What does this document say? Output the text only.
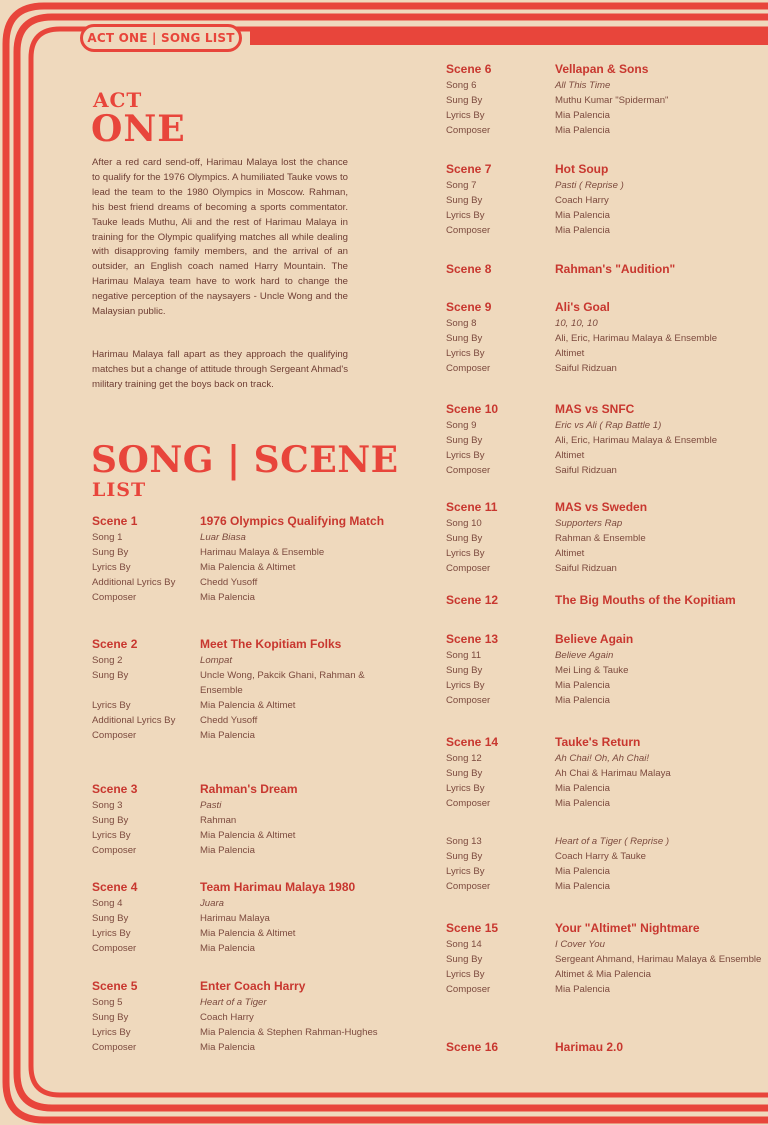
ACT ONE | SONG LIST
ACT
ONE

After a red card send-off, Harimau Malaya lost the chance to qualify for the 1976 Olympics. A humiliated Tauke vows to lead the team to the 1980 Olympics in Moscow. Rahman, his best friend dreams of becoming a sports commentator. Tauke leads Muthu, Ali and the rest of Harimau Malaya in training for the Olympic qualifying matches all while dealing with disapproving family members, and the arrival of an outsider, an English coach named Harry Mountain. The Harimau Malaya team have to work hard to change the negative perception of the naysayers - Uncle Wong and the Malaysian public.

Harimau Malaya fall apart as they approach the qualifying matches but a change of attitude through Sergeant Ahmad's military training get the boys back on track.

SONG | SCENE
LIST
Scene 1	1976 Olympics Qualifying Match
Song 1	Luar Biasa
Sung By	Harimau Malaya & Ensemble
Lyrics By	Mia Palencia & Altimet
Additional Lyrics By	Chedd Yusoff
Composer	Mia Palencia
Scene 2	Meet The Kopitiam Folks
Song 2	Lompat
Sung By	Uncle Wong, Pakcik Ghani, Rahman & Ensemble
Lyrics By	Mia Palencia & Altimet
Additional Lyrics By	Chedd Yusoff
Composer	Mia Palencia
Scene 3	Rahman's Dream
Song 3	Pasti
Sung By	Rahman
Lyrics By	Mia Palencia & Altimet
Composer	Mia Palencia
Scene 4	Team Harimau Malaya 1980
Song 4	Juara
Sung By	Harimau Malaya
Lyrics By	Mia Palencia & Altimet
Composer	Mia Palencia
Scene 5	Enter Coach Harry
Song 5	Heart of a Tiger
Sung By	Coach Harry
Lyrics By	Mia Palencia & Stephen Rahman-Hughes
Composer	Mia Palencia
Scene 6	Vellapan & Sons
Song 6	All This Time
Sung By	Muthu Kumar "Spiderman"
Lyrics By	Mia Palencia
Composer	Mia Palencia
Scene 7	Hot Soup
Song 7	Pasti ( Reprise )
Sung By	Coach Harry
Lyrics By	Mia Palencia
Composer	Mia Palencia
Scene 8	Rahman's "Audition"
Scene 9	Ali's Goal
Song 8	10, 10, 10
Sung By	Ali, Eric, Harimau Malaya & Ensemble
Lyrics By	Altimet
Composer	Saiful Ridzuan
Scene 10	MAS vs SNFC
Song 9	Eric vs Ali ( Rap Battle 1)
Sung By	Ali, Eric, Harimau Malaya & Ensemble
Lyrics By	Altimet
Composer	Saiful Ridzuan
Scene 11	MAS vs Sweden
Song 10	Supporters Rap
Sung By	Rahman & Ensemble
Lyrics By	Altimet
Composer	Saiful Ridzuan
Scene 12	The Big Mouths of the Kopitiam
Scene 13	Believe Again
Song 11	Believe Again
Sung By	Mei Ling & Tauke
Lyrics By	Mia Palencia
Composer	Mia Palencia
Scene 14	Tauke's Return
Song 12	Ah Chai! Oh, Ah Chai!
Sung By	Ah Chai & Harimau Malaya
Lyrics By	Mia Palencia
Composer	Mia Palencia
Song 13	Heart of a Tiger ( Reprise )
Sung By	Coach Harry & Tauke
Lyrics By	Mia Palencia
Composer	Mia Palencia
Scene 15	Your "Altimet" Nightmare
Song 14	I Cover You
Sung By	Sergeant Ahmand, Harimau Malaya & Ensemble
Lyrics By	Altimet & Mia Palencia
Composer	Mia Palencia
Scene 16	Harimau 2.0
